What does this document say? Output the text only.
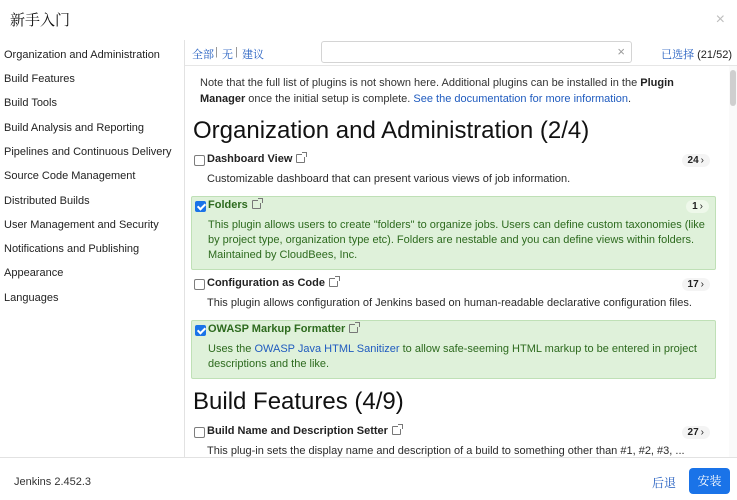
新手入门	×
Organization and Administration
Build Features
Build Tools
Build Analysis and Reporting
Pipelines and Continuous Delivery
Source Code Management
Distributed Builds
User Management and Security
Notifications and Publishing
Appearance
Languages
全部 | 无 | 建议	×	已选择 (21/52)
Note that the full list of plugins is not shown here. Additional plugins can be installed in the Plugin Manager once the initial setup is complete. See the documentation for more information.
Organization and Administration (2/4)
Dashboard View	24 ›
Customizable dashboard that can present various views of job information.
Folders	1 ›
This plugin allows users to create "folders" to organize jobs. Users can define custom taxonomies (like by project type, organization type etc). Folders are nestable and you can define views within folders. Maintained by CloudBees, Inc.
Configuration as Code	17 ›
This plugin allows configuration of Jenkins based on human-readable declarative configuration files.
OWASP Markup Formatter
Uses the OWASP Java HTML Sanitizer to allow safe-seeming HTML markup to be entered in project descriptions and the like.
Build Features (4/9)
Build Name and Description Setter	27 ›
This plug-in sets the display name and description of a build to something other than #1, #2, #3, ...
Jenkins 2.452.3	后退	安装
